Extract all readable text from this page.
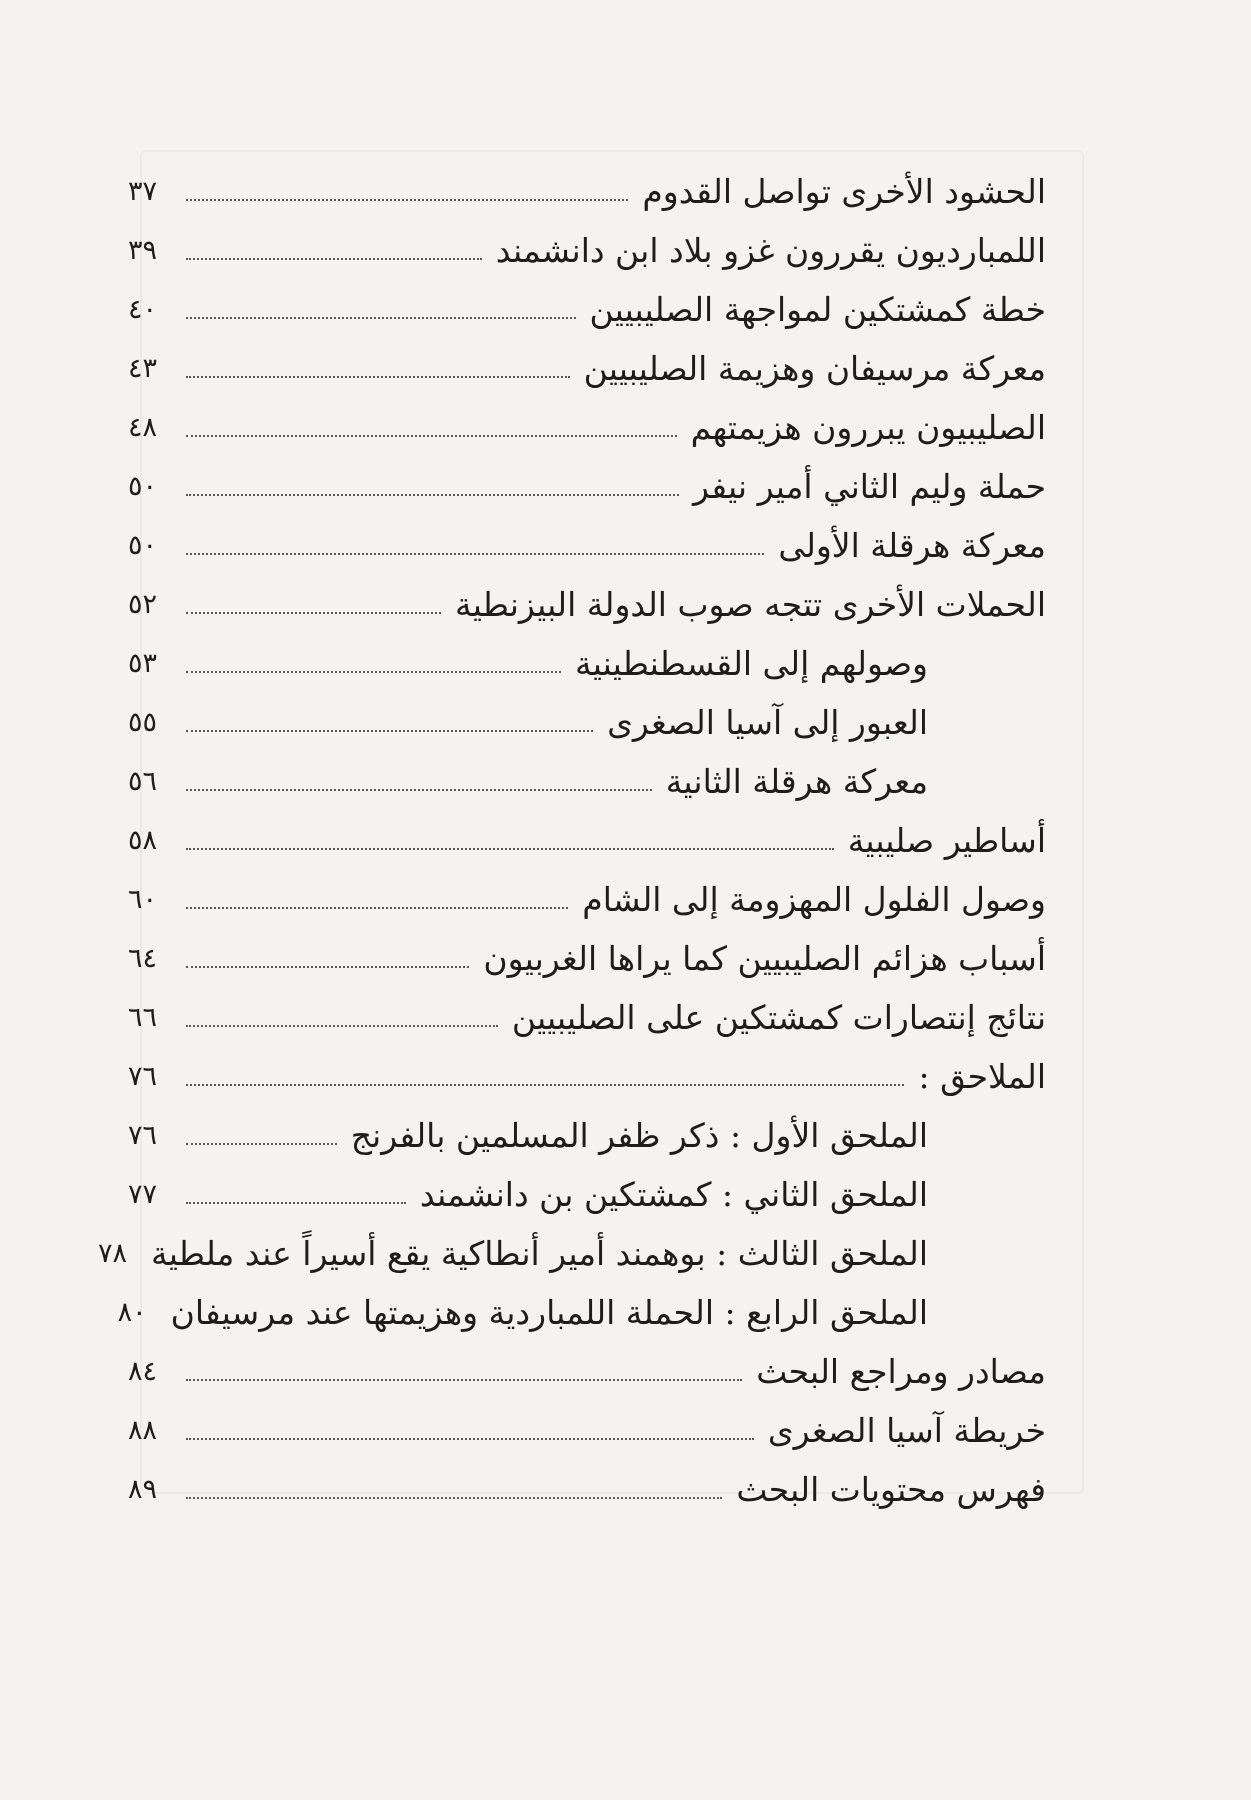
الحشود الأخرى تواصل القدوم
٣٧
اللمبارديون يقررون غزو بلاد ابن دانشمند
٣٩
خطة كمشتكين لمواجهة الصليبيين
٤٠
معركة مرسيفان وهزيمة الصليبيين
٤٣
الصليبيون يبررون هزيمتهم
٤٨
حملة وليم الثاني أمير نيفر
٥٠
معركة هرقلة الأولى
٥٠
الحملات الأخرى تتجه صوب الدولة البيزنطية
٥٢
وصولهم إلى القسطنطينية
٥٣
العبور إلى آسيا الصغرى
٥٥
معركة هرقلة الثانية
٥٦
أساطير صليبية
٥٨
وصول الفلول المهزومة إلى الشام
٦٠
أسباب هزائم الصليبيين كما يراها الغربيون
٦٤
نتائج إنتصارات كمشتكين على الصليبيين
٦٦
الملاحق :
٧٦
الملحق الأول : ذكر ظفر المسلمين بالفرنج
٧٦
الملحق الثاني : كمشتكين بن دانشمند
٧٧
الملحق الثالث : بوهمند أمير أنطاكية يقع أسيراً عند ملطية
٧٨
الملحق الرابع : الحملة اللمباردية وهزيمتها عند مرسيفان
٨٠
مصادر ومراجع البحث
٨٤
خريطة آسيا الصغرى
٨٨
فهرس محتويات البحث
٨٩
